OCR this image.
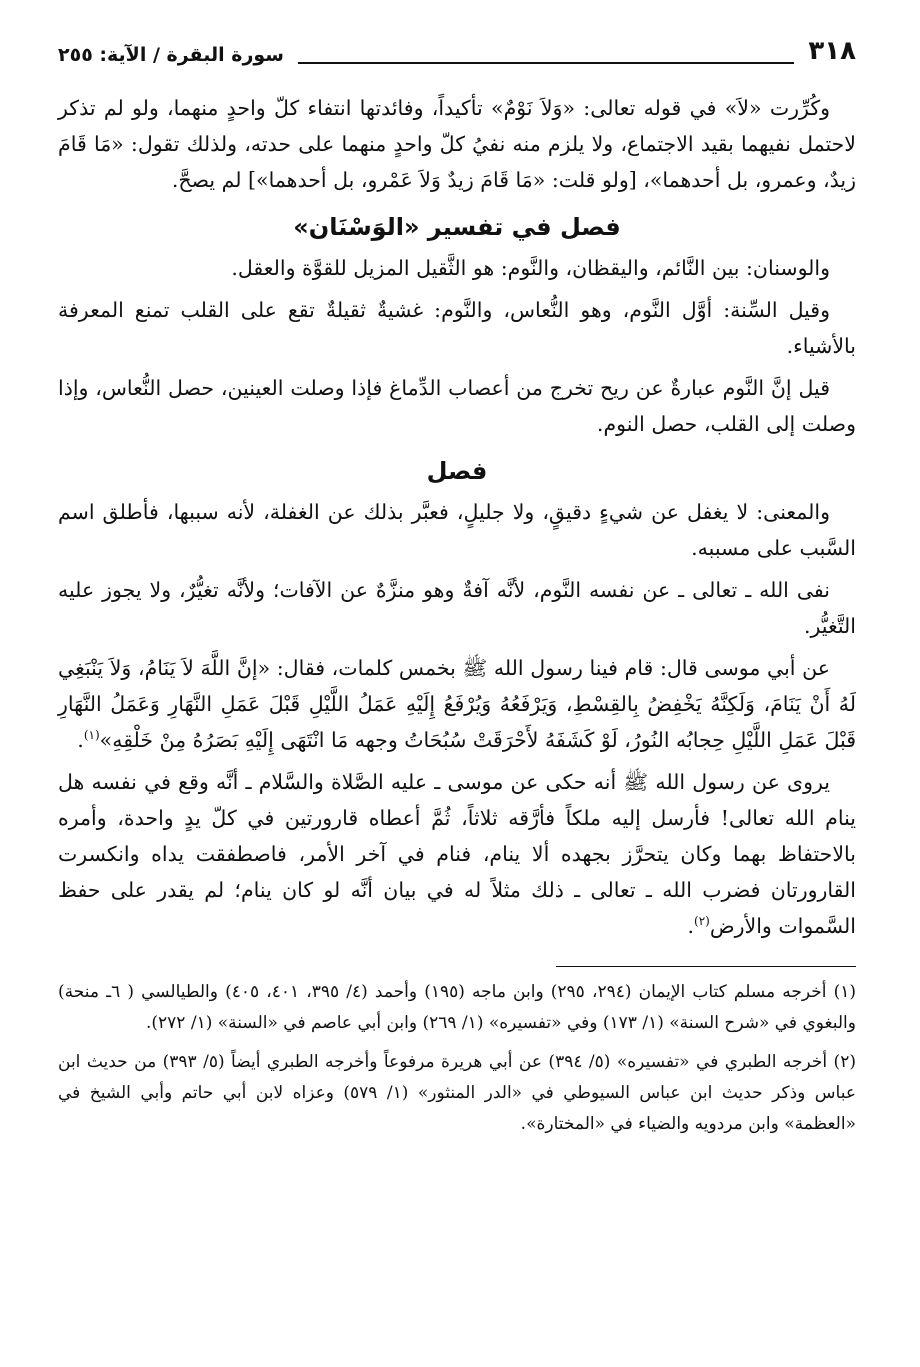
٣١٨
سورة البقرة / الآية: ٢٥٥

وكُرِّرت «لاَ» في قوله تعالى: «وَلاَ نَوْمٌ» تأكيداً، وفائدتها انتفاء كلّ واحدٍ منهما، ولو لم تذكر لاحتمل نفيهما بقيد الاجتماع، ولا يلزم منه نفيُ كلّ واحدٍ منهما على حدته، ولذلك تقول: «مَا قَامَ زيدٌ، وعمرو، بل أحدهما»، [ولو قلت: «مَا قَامَ زيدٌ وَلاَ عَمْرو، بل أحدهما»] لم يصحَّ.

فصل في تفسير «الوَسْنَان»

والوسنان: بين النَّائم، واليقظان، والنَّوم: هو الثَّقيل المزيل للقوَّة والعقل.

وقيل السِّنة: أوَّل النَّوم، وهو النُّعاس، والنَّوم: غشيةٌ ثقيلةٌ تقع على القلب تمنع المعرفة بالأشياء.

قيل إنَّ النَّوم عبارةٌ عن ريح تخرج من أعصاب الدِّماغ فإذا وصلت العينين، حصل النُّعاس، وإذا وصلت إلى القلب، حصل النوم.

فصل

والمعنى: لا يغفل عن شيءٍ دقيقٍ، ولا جليلٍ، فعبَّر بذلك عن الغفلة، لأنه سببها، فأطلق اسم السَّبب على مسببه.

نفى الله ـ تعالى ـ عن نفسه النَّوم، لأنَّه آفةٌ وهو منزَّهٌ عن الآفات؛ ولأنَّه تغيُّرٌ، ولا يجوز عليه التَّغيُّر.

عن أبي موسى قال: قام فينا رسول الله ﷺ بخمس كلمات، فقال: «إنَّ اللَّهَ لاَ يَنَامُ، وَلاَ يَنْبَغِي لَهُ أَنْ يَنَامَ، وَلَكِنَّهُ يَخْفِضُ بِالقِسْطِ، وَيَرْفَعُهُ وَيُرْفَعُ إِلَيْهِ عَمَلُ اللَّيْلِ قَبْلَ عَمَلِ النَّهَارِ وَعَمَلُ النَّهَارِ قَبْلَ عَمَلِ اللَّيْلِ حِجابُه النُورُ، لَوْ كَشَفَهُ لأَحْرَقَتْ سُبُحَاتُ وجهه مَا انْتَهَى إِلَيْهِ بَصَرُهُ مِنْ خَلْقِهِ»$^{(١)}$.

يروى عن رسول الله ﷺ أنه حكى عن موسى ـ عليه الصَّلاة والسَّلام ـ أنَّه وقع في نفسه هل ينام الله تعالى! فأرسل إليه ملكاً فأرَّقه ثلاثاً، ثُمَّ أعطاه قارورتين في كلّ يدٍ واحدة، وأمره بالاحتفاظ بهما وكان يتحرَّز بجهده ألا ينام، فنام في آخر الأمر، فاصطفقت يداه وانكسرت القارورتان فضرب الله ـ تعالى ـ ذلك مثلاً له في بيان أنَّه لو كان ينام؛ لم يقدر على حفظ السَّموات والأرض$^{(٢)}$.

(١) أخرجه مسلم كتاب الإيمان (٢٩٤، ٢٩٥) وابن ماجه (١٩٥) وأحمد (٤/ ٣٩٥، ٤٠١، ٤٠٥) والطيالسي ( ٦ـ منحة) والبغوي في «شرح السنة» (١/ ١٧٣) وفي «تفسيره» (١/ ٢٦٩) وابن أبي عاصم في «السنة» (١/ ٢٧٢).

(٢) أخرجه الطبري في «تفسيره» (٥/ ٣٩٤) عن أبي هريرة مرفوعاً وأخرجه الطبري أيضاً (٥/ ٣٩٣) من حديث ابن عباس وذكر حديث ابن عباس السيوطي في «الدر المنثور» (١/ ٥٧٩) وعزاه لابن أبي حاتم وأبي الشيخ في «العظمة» وابن مردويه والضياء في «المختارة».
